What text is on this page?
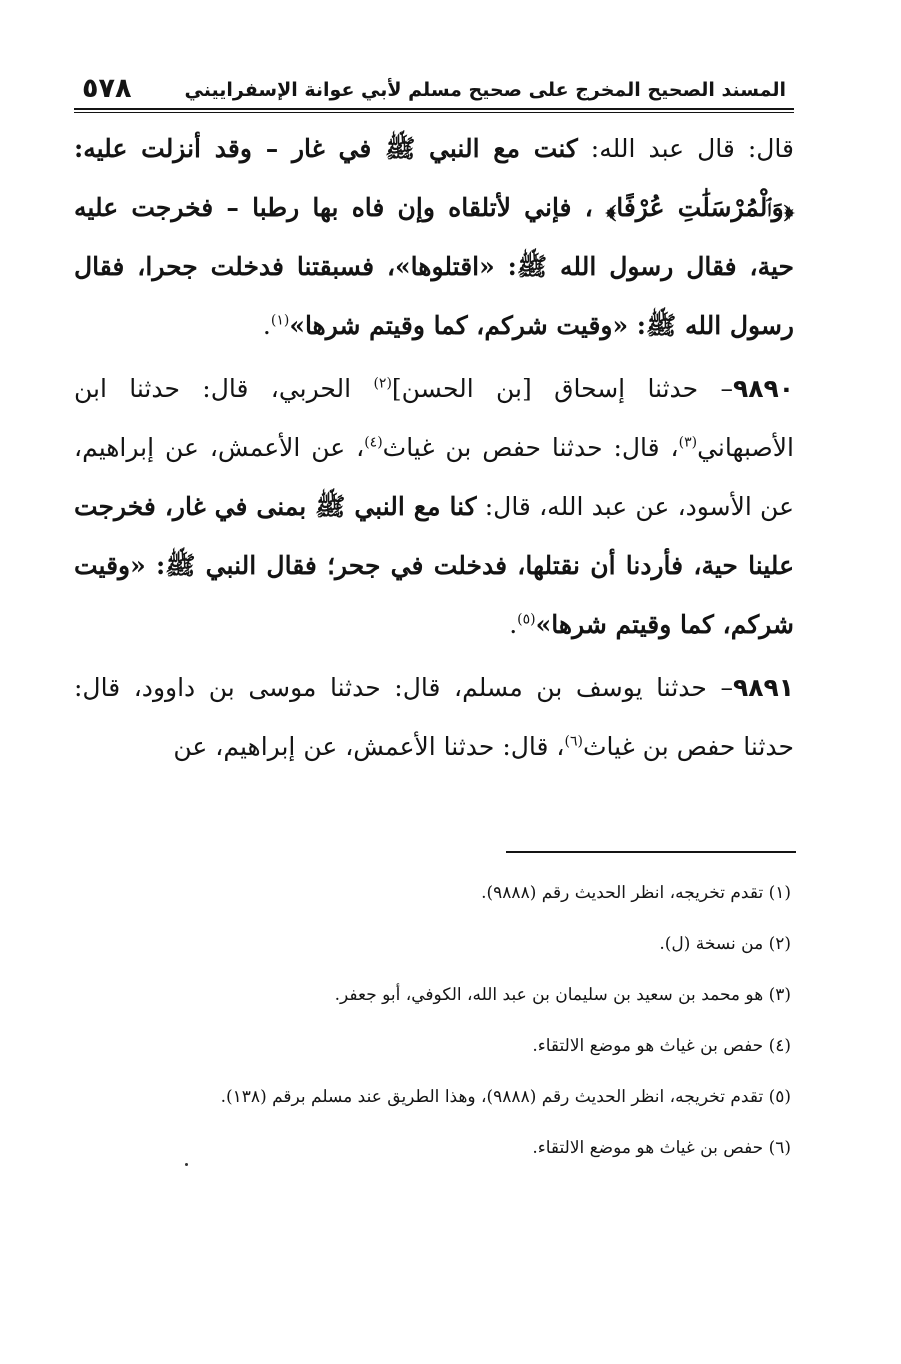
المسند الصحيح المخرج على صحيح مسلم لأبي عوانة الإسفراييني
٥٧٨

قال: قال عبد الله: كنت مع النبي ﷺ في غار – وقد أنزلت عليه: ﴿وَٱلْمُرْسَلَٰتِ عُرْفًا﴾ ، فإني لأتلقاه وإن فاه بها رطبا – فخرجت عليه حية، فقال رسول الله ﷺ: «اقتلوها»، فسبقتنا فدخلت جحرا، فقال رسول الله ﷺ: «وقيت شركم، كما وقيتم شرها»$^{(١)}$.

٩٨٩٠– حدثنا إسحاق [بن الحسن]$^{(٢)}$ الحربي، قال: حدثنا ابن الأصبهاني$^{(٣)}$، قال: حدثنا حفص بن غياث$^{(٤)}$، عن الأعمش، عن إبراهيم، عن الأسود، عن عبد الله، قال: كنا مع النبي ﷺ بمنى في غار، فخرجت علينا حية، فأردنا أن نقتلها، فدخلت في جحر؛ فقال النبي ﷺ: «وقيت شركم، كما وقيتم شرها»$^{(٥)}$.

٩٨٩١– حدثنا يوسف بن مسلم، قال: حدثنا موسى بن داوود، قال: حدثنا حفص بن غياث$^{(٦)}$، قال: حدثنا الأعمش، عن إبراهيم، عن

(١) تقدم تخريجه، انظر الحديث رقم (٩٨٨٨).

(٢) من نسخة (ل).

(٣) هو محمد بن سعيد بن سليمان بن عبد الله، الكوفي، أبو جعفر.

(٤) حفص بن غياث هو موضع الالتقاء.

(٥) تقدم تخريجه، انظر الحديث رقم (٩٨٨٨)، وهذا الطريق عند مسلم برقم (١٣٨).

(٦) حفص بن غياث هو موضع الالتقاء.
